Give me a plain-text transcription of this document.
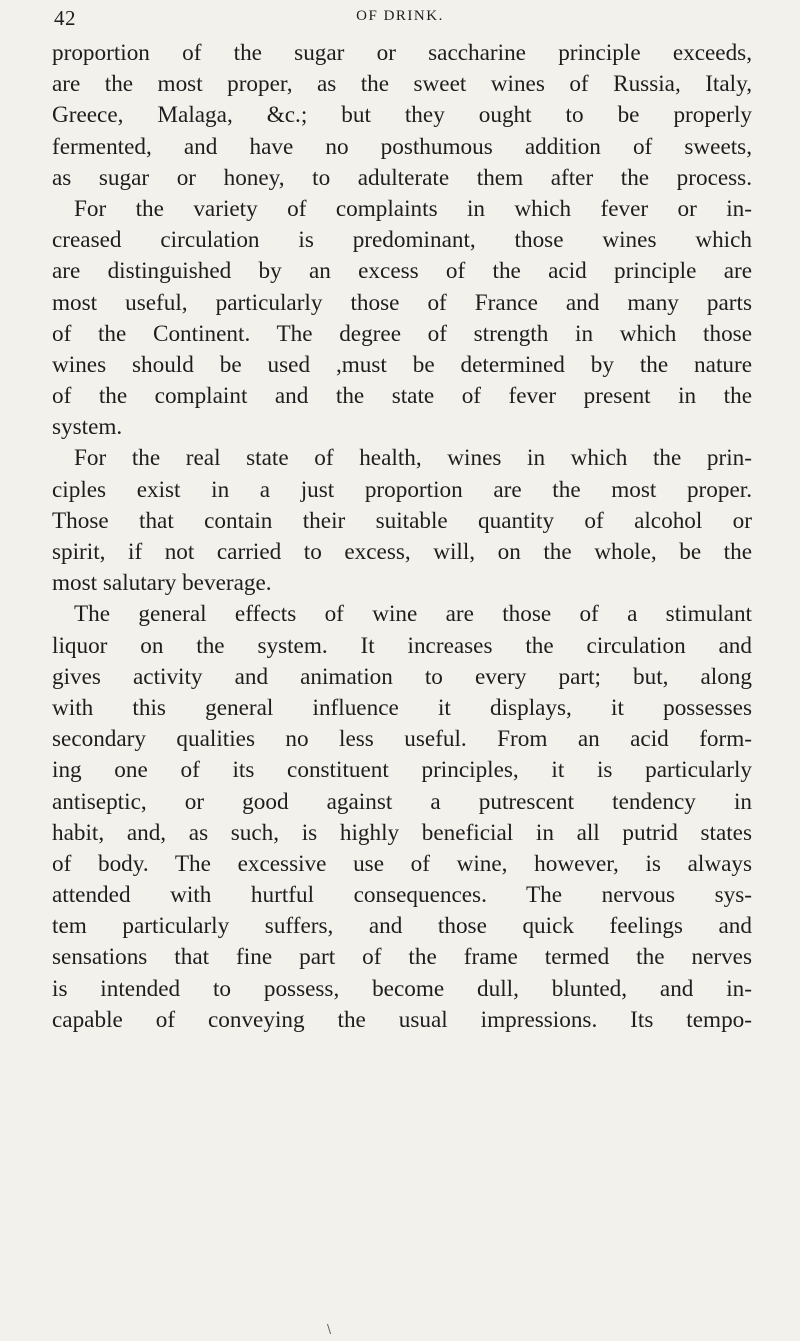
42	OF DRINK.
proportion of the sugar or saccharine principle exceeds,
are the most proper, as the sweet wines of Russia, Italy,
Greece, Malaga, &c.; but they ought to be properly
fermented, and have no posthumous addition of sweets,
as sugar or honey, to adulterate them after the process.
For the variety of complaints in which fever or in-
creased circulation is predominant, those wines which
are distinguished by an excess of the acid principle are
most useful, particularly those of France and many parts
of the Continent. The degree of strength in which those
wines should be used ,must be determined by the nature
of the complaint and the state of fever present in the
system.
For the real state of health, wines in which the prin-
ciples exist in a just proportion are the most proper.
Those that contain their suitable quantity of alcohol or
spirit, if not carried to excess, will, on the whole, be the
most salutary beverage.
The general effects of wine are those of a stimulant
liquor on the system. It increases the circulation and
gives activity and animation to every part; but, along
with this general influence it displays, it possesses
secondary qualities no less useful. From an acid form-
ing one of its constituent principles, it is particularly
antiseptic, or good against a putrescent tendency in
habit, and, as such, is highly beneficial in all putrid states
of body. The excessive use of wine, however, is always
attended with hurtful consequences. The nervous sys-
tem particularly suffers, and those quick feelings and
sensations that fine part of the frame termed the nerves
is intended to possess, become dull, blunted, and in-
capable of conveying the usual impressions. Its tempo-
\
